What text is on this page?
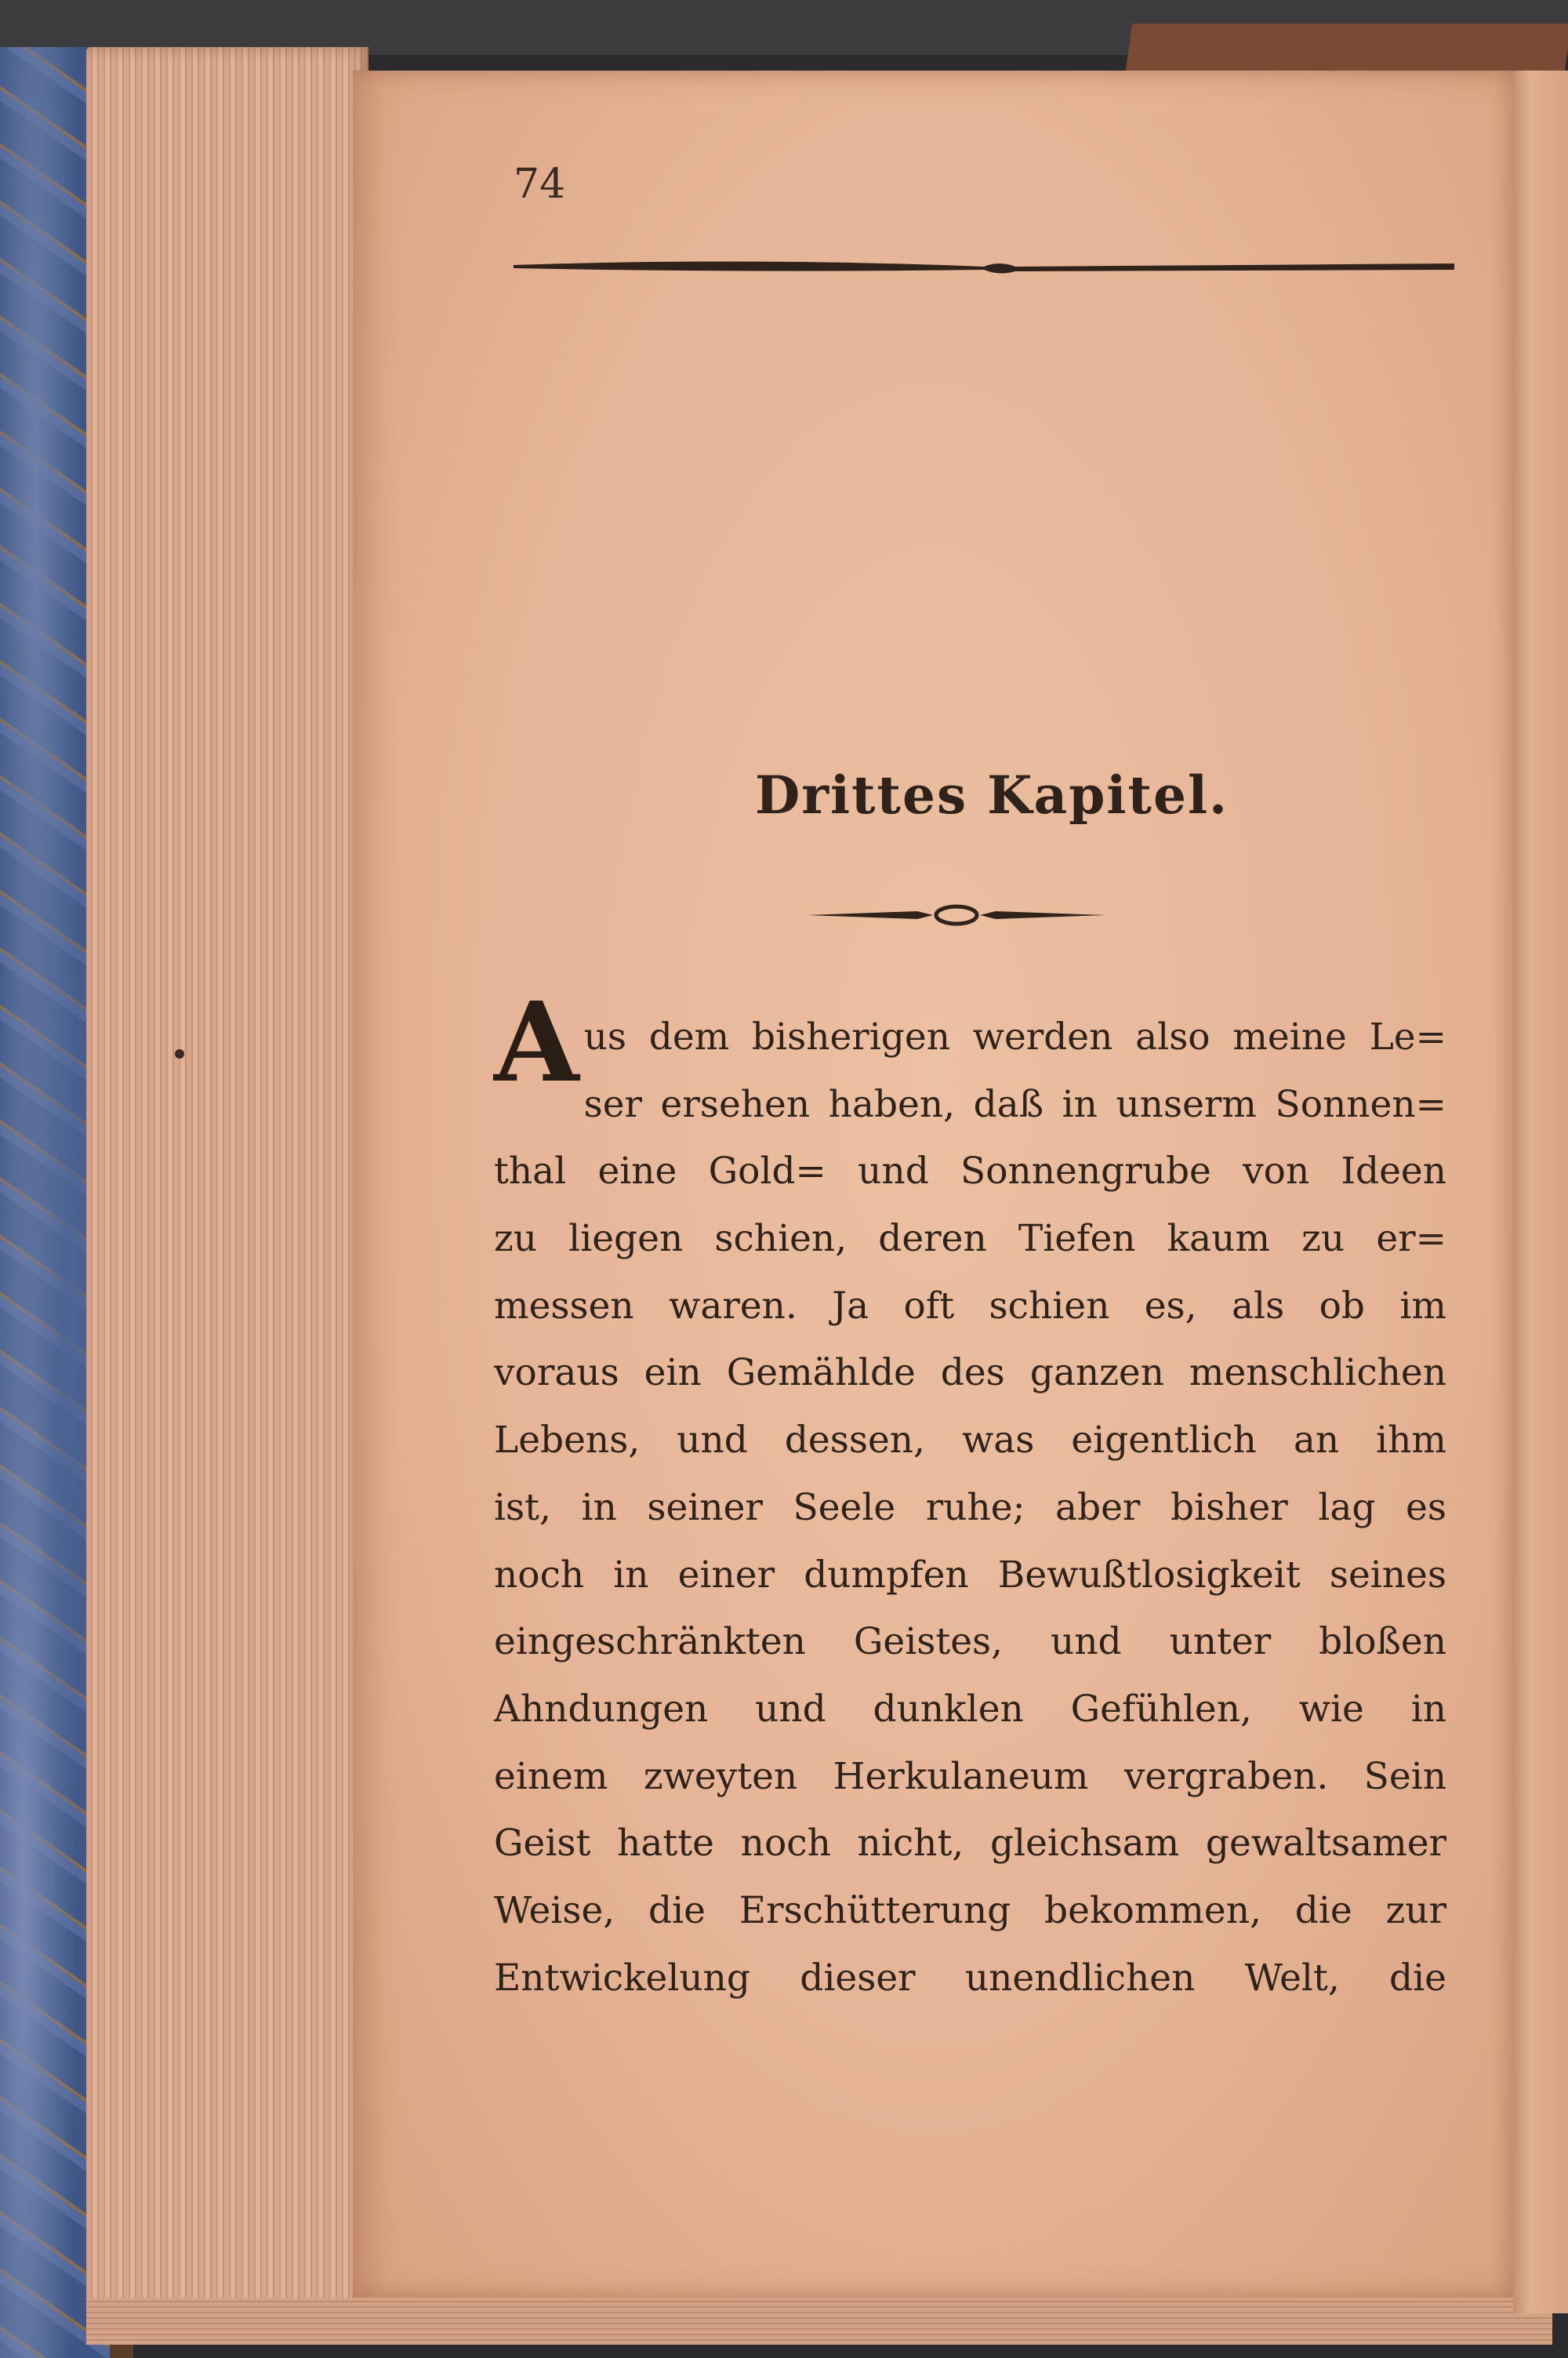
74
Drittes Kapitel.
A us dem bisherigen werden also meine Le=
ser ersehen haben, daß in unserm Sonnen=
thal eine Gold= und Sonnengrube von Ideen
zu liegen schien, deren Tiefen kaum zu er=
messen waren. Ja oft schien es, als ob im
voraus ein Gemählde des ganzen menschlichen
Lebens, und dessen, was eigentlich an ihm
ist, in seiner Seele ruhe; aber bisher lag es
noch in einer dumpfen Bewußtlosigkeit seines
eingeschränkten Geistes, und unter bloßen
Ahndungen und dunklen Gefühlen, wie in
einem zweyten Herkulaneum vergraben. Sein
Geist hatte noch nicht, gleichsam gewaltsamer
Weise, die Erschütterung bekommen, die zur
Entwickelung dieser unendlichen Welt, die
